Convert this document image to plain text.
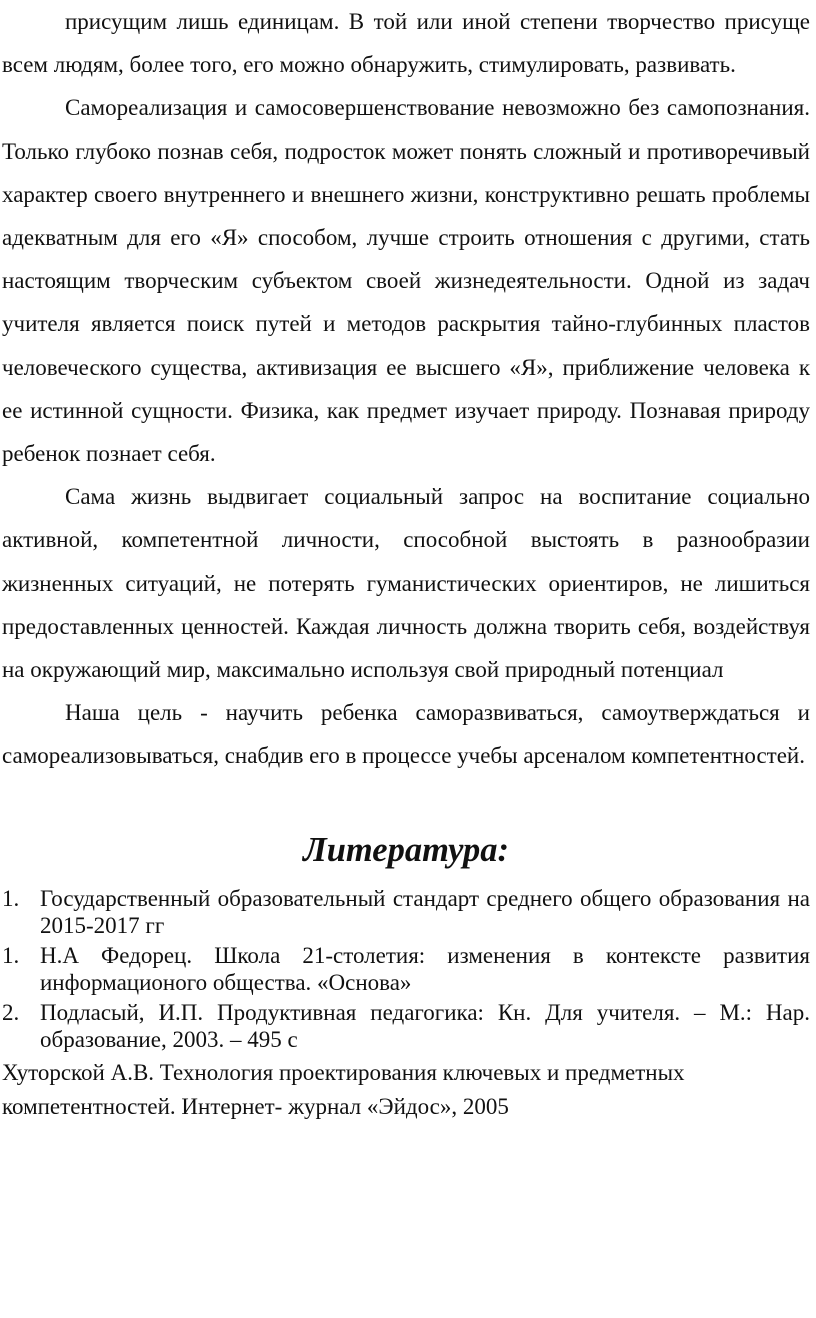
присущим лишь единицам. В той или иной степени творчество присуще всем людям, более того, его можно обнаружить, стимулировать, развивать.

Самореализация и самосовершенствование невозможно без самопознания. Только глубоко познав себя, подросток может понять сложный и противоречивый характер своего внутреннего и внешнего жизни, конструктивно решать проблемы адекватным для его «Я» способом, лучше строить отношения с другими, стать настоящим творческим субъектом своей жизнедеятельности. Одной из задач учителя является поиск путей и методов раскрытия тайно-глубинных пластов человеческого существа, активизация ее высшего «Я», приближение человека к ее истинной сущности. Физика, как предмет изучает природу. Познавая природу ребенок познает себя.

Сама жизнь выдвигает социальный запрос на воспитание социально активной, компетентной личности, способной выстоять в разнообразии жизненных ситуаций, не потерять гуманистических ориентиров, не лишиться предоставленных ценностей. Каждая личность должна творить себя, воздействуя на окружающий мир, максимально используя свой природный потенциал

Наша цель - научить ребенка саморазвиваться, самоутверждаться и самореализовываться, снабдив его в процессе учебы арсеналом компетентностей.

Литература:
1. Государственный образовательный стандарт среднего общего образования на 2015-2017 гг
1. Н.А Федорец. Школа 21-столетия: изменения в контексте развития информационого общества. «Основа»
2. Подласый, И.П. Продуктивная педагогика: Кн. Для учителя. – М.: Нар. образование, 2003. – 495 с

Хуторской А.В. Технология проектирования ключевых и предметных компетентностей. Интернет- журнал «Эйдос», 2005
